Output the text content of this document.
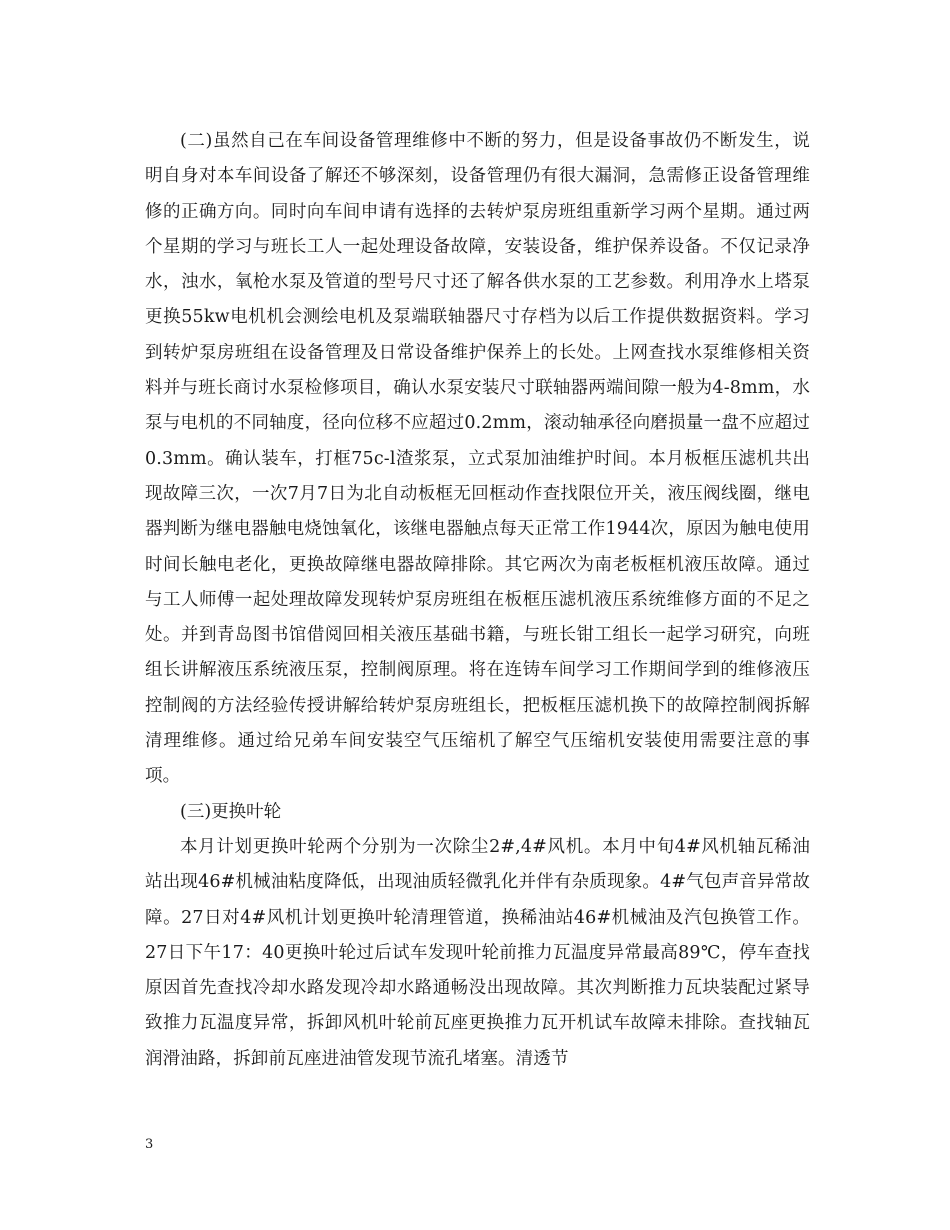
(二)虽然自己在车间设备管理维修中不断的努力，但是设备事故仍不断发生，说明自身对本车间设备了解还不够深刻，设备管理仍有很大漏洞，急需修正设备管理维修的正确方向。同时向车间申请有选择的去转炉泵房班组重新学习两个星期。通过两个星期的学习与班长工人一起处理设备故障，安装设备，维护保养设备。不仅记录净水，浊水，氧枪水泵及管道的型号尺寸还了解各供水泵的工艺参数。利用净水上塔泵更换55kw电机机会测绘电机及泵端联轴器尺寸存档为以后工作提供数据资料。学习到转炉泵房班组在设备管理及日常设备维护保养上的长处。上网查找水泵维修相关资料并与班长商讨水泵检修项目，确认水泵安装尺寸联轴器两端间隙一般为4-8mm，水泵与电机的不同轴度，径向位移不应超过0.2mm，滚动轴承径向磨损量一盘不应超过0.3mm。确认装车，打框75c-l渣浆泵，立式泵加油维护时间。本月板框压滤机共出现故障三次，一次7月7日为北自动板框无回框动作查找限位开关，液压阀线圈，继电器判断为继电器触电烧蚀氧化，该继电器触点每天正常工作1944次，原因为触电使用时间长触电老化，更换故障继电器故障排除。其它两次为南老板框机液压故障。通过与工人师傅一起处理故障发现转炉泵房班组在板框压滤机液压系统维修方面的不足之处。并到青岛图书馆借阅回相关液压基础书籍，与班长钳工组长一起学习研究，向班组长讲解液压系统液压泵，控制阀原理。将在连铸车间学习工作期间学到的维修液压控制阀的方法经验传授讲解给转炉泵房班组长，把板框压滤机换下的故障控制阀拆解清理维修。通过给兄弟车间安装空气压缩机了解空气压缩机安装使用需要注意的事项。

(三)更换叶轮

本月计划更换叶轮两个分别为一次除尘2#,4#风机。本月中旬4#风机轴瓦稀油站出现46#机械油粘度降低，出现油质轻微乳化并伴有杂质现象。4#气包声音异常故障。27日对4#风机计划更换叶轮清理管道，换稀油站46#机械油及汽包换管工作。27日下午17：40更换叶轮过后试车发现叶轮前推力瓦温度异常最高89℃，停车查找原因首先查找冷却水路发现冷却水路通畅没出现故障。其次判断推力瓦块装配过紧导致推力瓦温度异常，拆卸风机叶轮前瓦座更换推力瓦开机试车故障未排除。查找轴瓦润滑油路，拆卸前瓦座进油管发现节流孔堵塞。清透节

3
